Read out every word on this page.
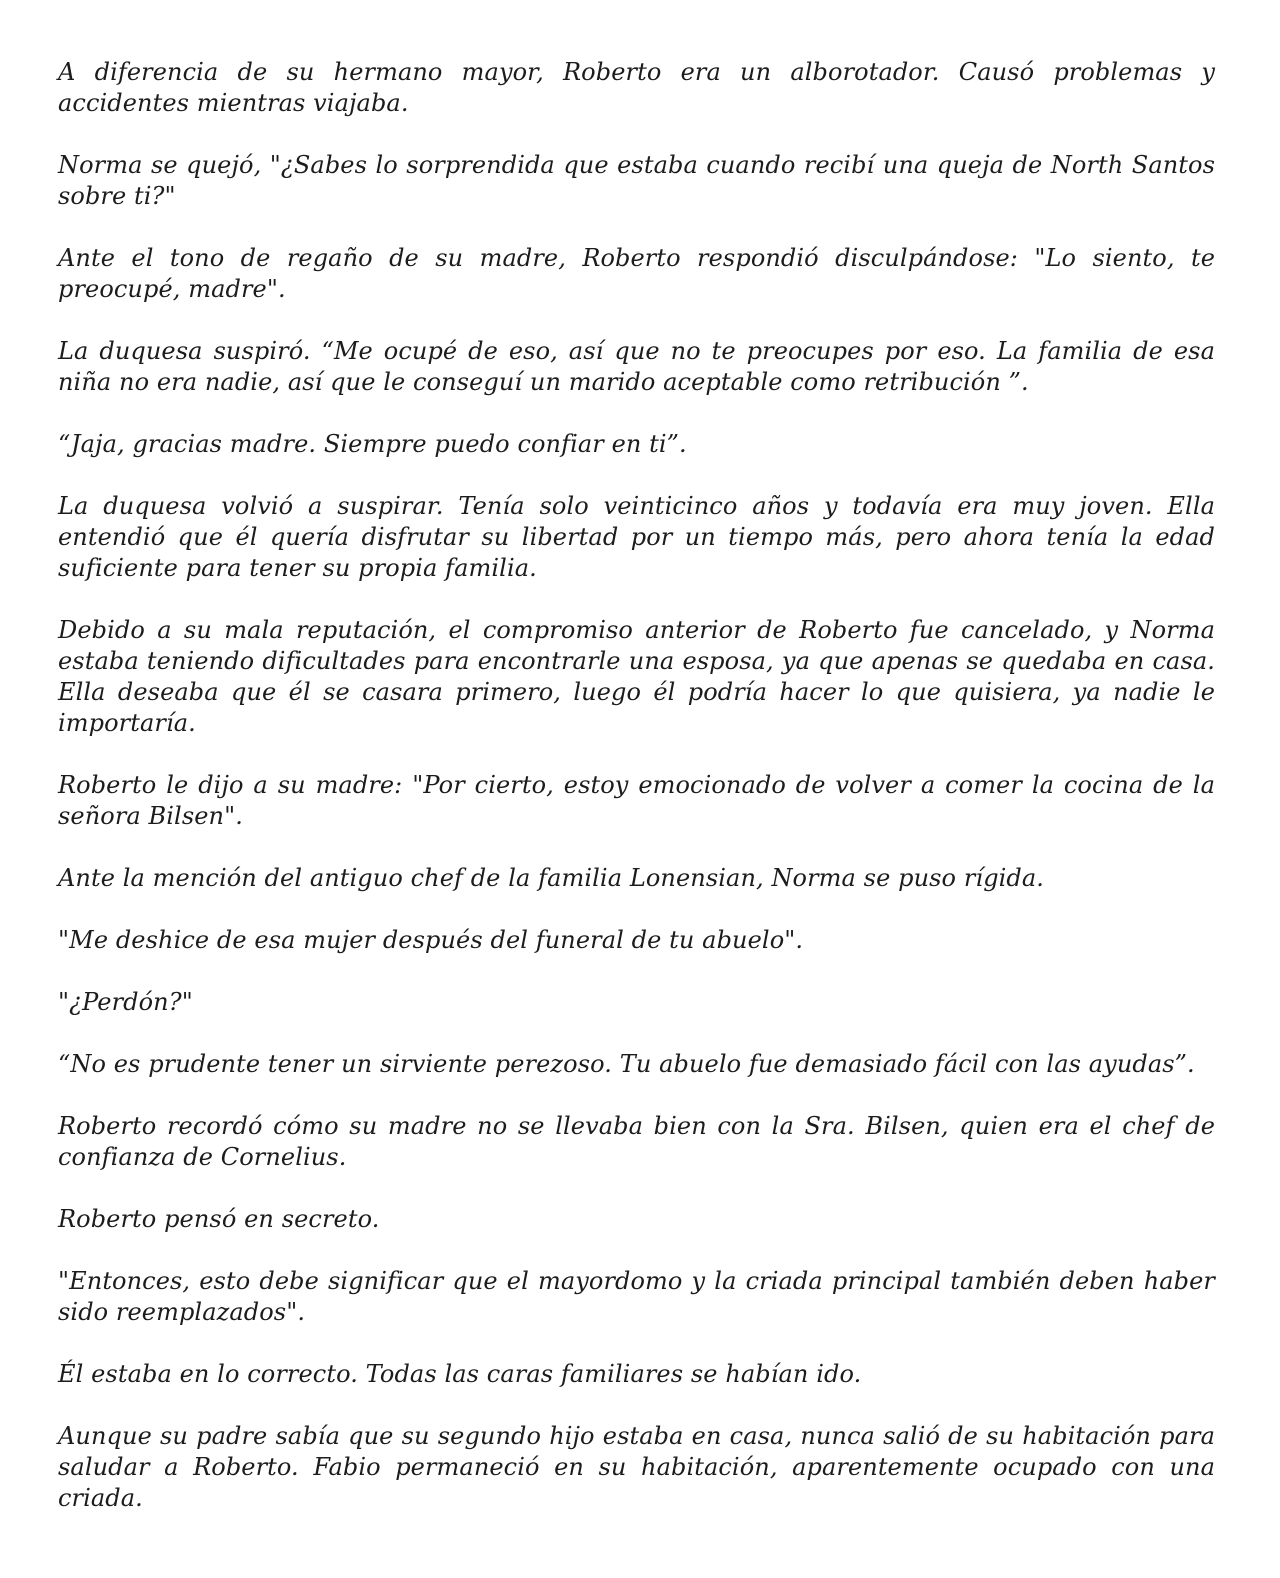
A diferencia de su hermano mayor, Roberto era un alborotador. Causó problemas y accidentes mientras viajaba.

Norma se quejó, "¿Sabes lo sorprendida que estaba cuando recibí una queja de North Santos sobre ti?"

Ante el tono de regaño de su madre, Roberto respondió disculpándose: "Lo siento, te preocupé, madre".

La duquesa suspiró. “Me ocupé de eso, así que no te preocupes por eso. La familia de esa niña no era nadie, así que le conseguí un marido aceptable como retribución ”.

“Jaja, gracias madre. Siempre puedo confiar en ti”.

La duquesa volvió a suspirar. Tenía solo veinticinco años y todavía era muy joven. Ella entendió que él quería disfrutar su libertad por un tiempo más, pero ahora tenía la edad suficiente para tener su propia familia.

Debido a su mala reputación, el compromiso anterior de Roberto fue cancelado, y Norma estaba teniendo dificultades para encontrarle una esposa, ya que apenas se quedaba en casa. Ella deseaba que él se casara primero, luego él podría hacer lo que quisiera, ya nadie le importaría.

Roberto le dijo a su madre: "Por cierto, estoy emocionado de volver a comer la cocina de la señora Bilsen".

Ante la mención del antiguo chef de la familia Lonensian, Norma se puso rígida.

"Me deshice de esa mujer después del funeral de tu abuelo".

"¿Perdón?"

“No es prudente tener un sirviente perezoso. Tu abuelo fue demasiado fácil con las ayudas”.

Roberto recordó cómo su madre no se llevaba bien con la Sra. Bilsen, quien era el chef de confianza de Cornelius.

Roberto pensó en secreto.

"Entonces, esto debe significar que el mayordomo y la criada principal también deben haber sido reemplazados".

Él estaba en lo correcto. Todas las caras familiares se habían ido.

Aunque su padre sabía que su segundo hijo estaba en casa, nunca salió de su habitación para saludar a Roberto. Fabio permaneció en su habitación, aparentemente ocupado con una criada.
